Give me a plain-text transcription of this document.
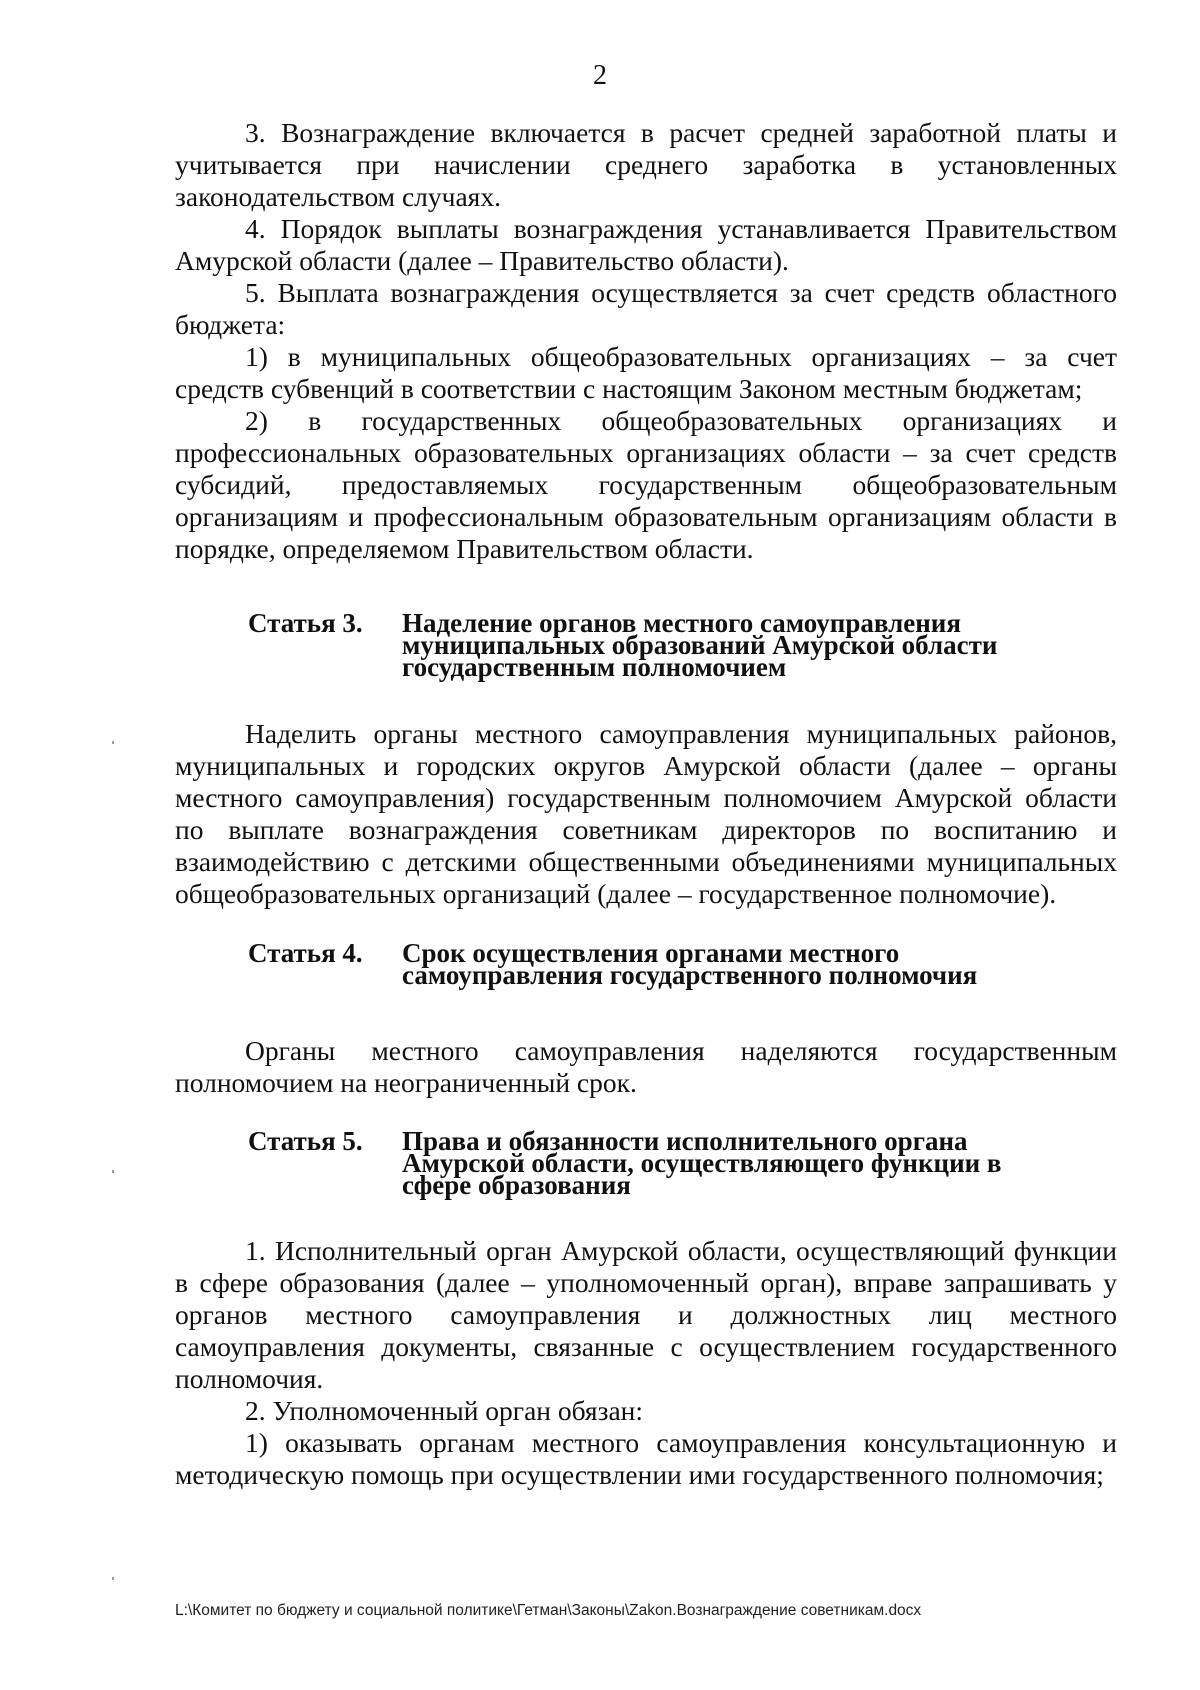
2

3. Вознаграждение включается в расчет средней заработной платы и учитывается при начислении среднего заработка в установленных законодательством случаях.

4. Порядок выплаты вознаграждения устанавливается Правительством Амурской области (далее – Правительство области).

5. Выплата вознаграждения осуществляется за счет средств областного бюджета:

1) в муниципальных общеобразовательных организациях – за счет средств субвенций в соответствии с настоящим Законом местным бюджетам;

2) в государственных общеобразовательных организациях и профессиональных образовательных организациях области – за счет средств субсидий, предоставляемых государственным общеобразовательным организациям и профессиональным образовательным организациям области в порядке, определяемом Правительством области.

Статья 3. Наделение органов местного самоуправления
муниципальных образований Амурской области
государственным полномочием

Наделить органы местного самоуправления муниципальных районов, муниципальных и городских округов Амурской области (далее – органы местного самоуправления) государственным полномочием Амурской области по выплате вознаграждения советникам директоров по воспитанию и взаимодействию с детскими общественными объединениями муниципальных общеобразовательных организаций (далее – государственное полномочие).

Статья 4. Срок осуществления органами местного
самоуправления государственного полномочия

Органы местного самоуправления наделяются государственным полномочием на неограниченный срок.

Статья 5. Права и обязанности исполнительного органа
Амурской области, осуществляющего функции в
сфере образования

1. Исполнительный орган Амурской области, осуществляющий функции в сфере образования (далее – уполномоченный орган), вправе запрашивать у органов местного самоуправления и должностных лиц местного самоуправления документы, связанные с осуществлением государственного полномочия.

2. Уполномоченный орган обязан:

1) оказывать органам местного самоуправления консультационную и методическую помощь при осуществлении ими государственного полномочия;

L:\Комитет по бюджету и социальной политике\Гетман\Законы\Zakon.Вознаграждение советникам.docx
